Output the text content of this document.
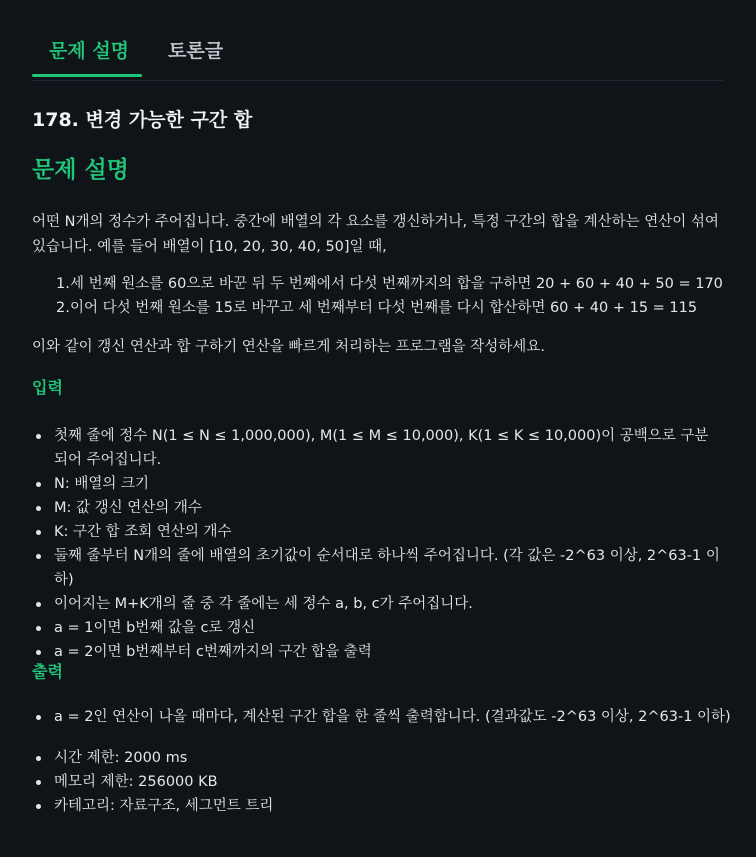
문제 설명 토론글
178. 변경 가능한 구간 합
문제 설명

어떤 N개의 정수가 주어집니다. 중간에 배열의 각 요소를 갱신하거나, 특정 구간의 합을 계산하는 연산이 섞여 있습니다. 예를 들어 배열이 [10, 20, 30, 40, 50]일 때,

1. 세 번째 원소를 60으로 바꾼 뒤 두 번째에서 다섯 번째까지의 합을 구하면 20 + 60 + 40 + 50 = 170
2. 이어 다섯 번째 원소를 15로 바꾸고 세 번째부터 다섯 번째를 다시 합산하면 60 + 40 + 15 = 115

이와 같이 갱신 연산과 합 구하기 연산을 빠르게 처리하는 프로그램을 작성하세요.

입력
첫째 줄에 정수 N(1 ≤ N ≤ 1,000,000), M(1 ≤ M ≤ 10,000), K(1 ≤ K ≤ 10,000)이 공백으로 구분되어 주어집니다.
N: 배열의 크기
M: 값 갱신 연산의 개수
K: 구간 합 조회 연산의 개수
둘째 줄부터 N개의 줄에 배열의 초기값이 순서대로 하나씩 주어집니다. (각 값은 -2^63 이상, 2^63-1 이하)
이어지는 M+K개의 줄 중 각 줄에는 세 정수 a, b, c가 주어집니다.
a = 1이면 b번째 값을 c로 갱신
a = 2이면 b번째부터 c번째까지의 구간 합을 출력
출력
a = 2인 연산이 나올 때마다, 계산된 구간 합을 한 줄씩 출력합니다. (결과값도 -2^63 이상, 2^63-1 이하)
시간 제한: 2000 ms
메모리 제한: 256000 KB
카테고리: 자료구조, 세그먼트 트리
